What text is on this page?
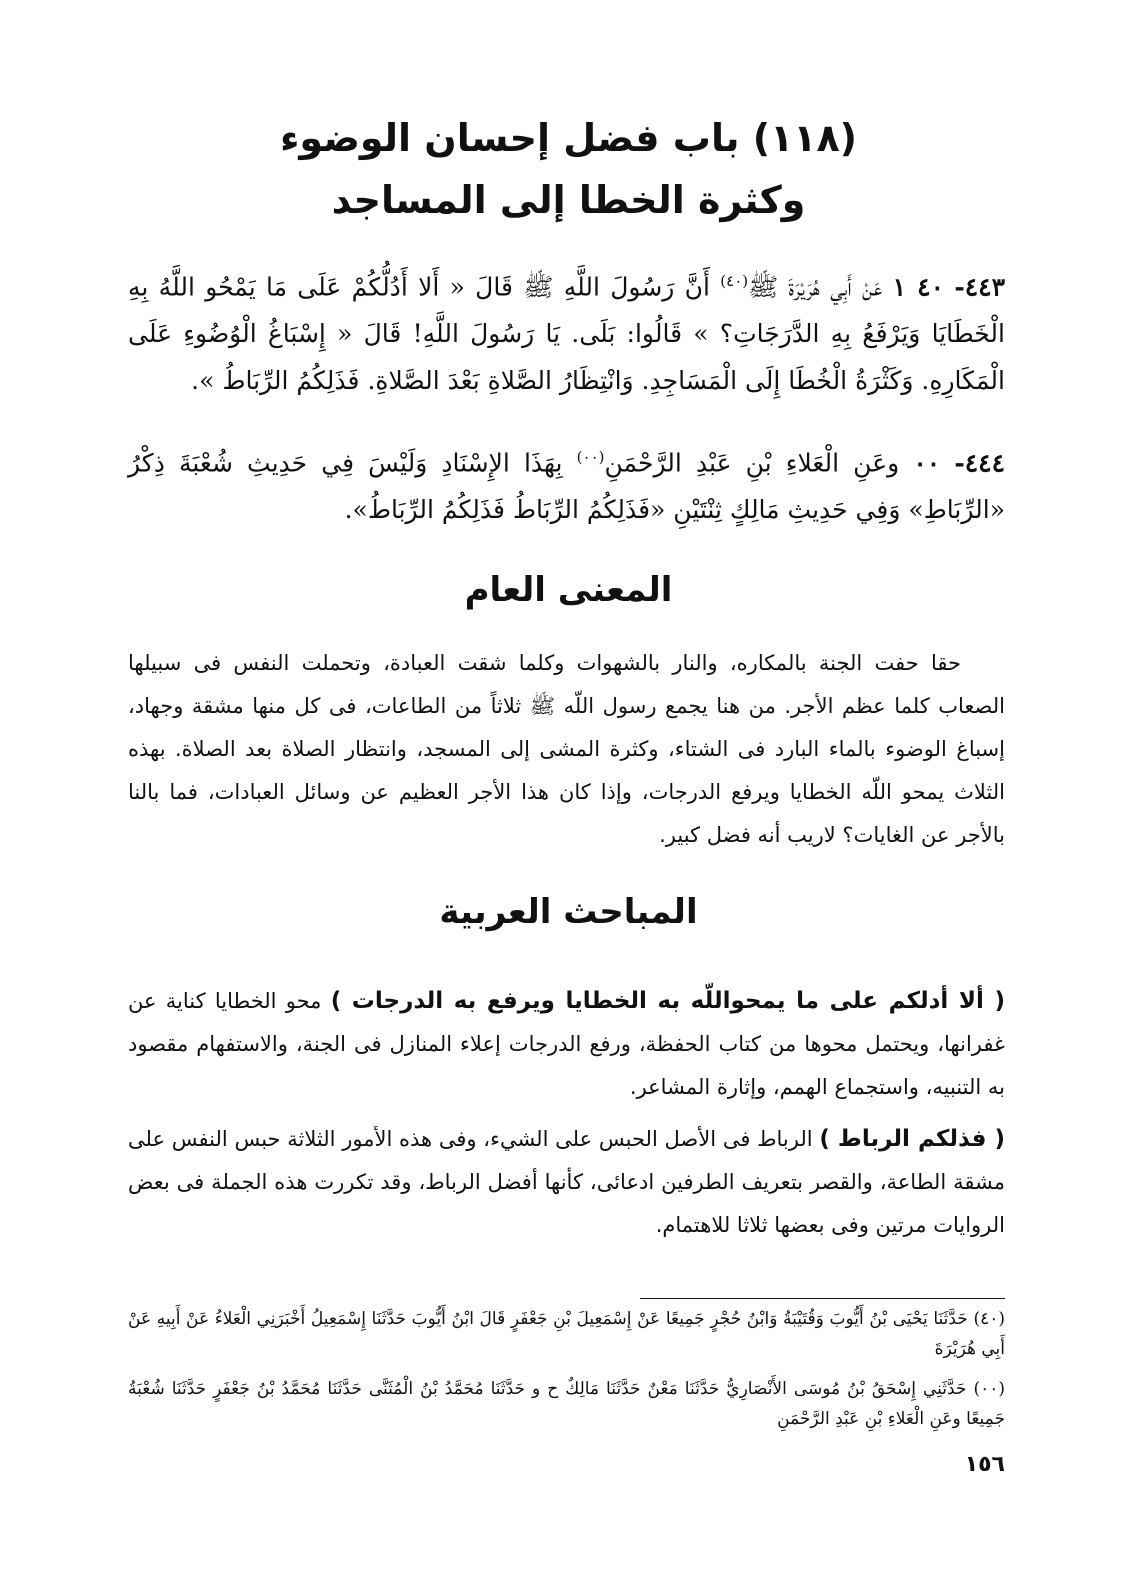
(١١٨) باب فضل إحسان الوضوء
وكثرة الخطا إلى المساجد

٤٤٣- ٤٠ ١ عَنْ أَبِي هُرَيْرَةَ ﷺ$^{(٤٠)}$ أَنَّ رَسُولَ اللَّهِ ﷺ قَالَ « أَلا أَدُلُّكُمْ عَلَى مَا يَمْحُو اللَّهُ بِهِ الْخَطَايَا وَيَرْفَعُ بِهِ الدَّرَجَاتِ؟ » قَالُوا: بَلَى. يَا رَسُولَ اللَّهِ! قَالَ « إِسْبَاغُ الْوُضُوءِ عَلَى الْمَكَارِهِ. وَكَثْرَةُ الْخُطَا إِلَى الْمَسَاجِدِ. وَانْتِظَارُ الصَّلاةِ بَعْدَ الصَّلاةِ. فَذَلِكُمُ الرِّبَاطُ ».

٤٤٤- ٠٠ وعَنِ الْعَلاءِ بْنِ عَبْدِ الرَّحْمَنِ$^{(٠٠)}$ بِهَذَا الإِسْنَادِ وَلَيْسَ فِي حَدِيثِ شُعْبَةَ ذِكْرُ «الرِّبَاطِ» وَفِي حَدِيثِ مَالِكٍ ثِنْتَيْنِ «فَذَلِكُمُ الرِّبَاطُ فَذَلِكُمُ الرِّبَاطُ».

المعنى العام

حقا حفت الجنة بالمكاره، والنار بالشهوات وكلما شقت العبادة، وتحملت النفس فى سبيلها الصعاب كلما عظم الأجر. من هنا يجمع رسول اللّه ﷺ ثلاثاً من الطاعات، فى كل منها مشقة وجهاد، إسباغ الوضوء بالماء البارد فى الشتاء، وكثرة المشى إلى المسجد، وانتظار الصلاة بعد الصلاة. بهذه الثلاث يمحو اللّه الخطايا ويرفع الدرجات، وإذا كان هذا الأجر العظيم عن وسائل العبادات، فما بالنا بالأجر عن الغايات؟ لاريب أنه فضل كبير.

المباحث العربية

( ألا أدلكم على ما يمحواللّه به الخطايا ويرفع به الدرجات ) محو الخطايا كناية عن غفرانها، ويحتمل محوها من كتاب الحفظة، ورفع الدرجات إعلاء المنازل فى الجنة، والاستفهام مقصود به التنبيه، واستجماع الهمم، وإثارة المشاعر.

( فذلكم الرباط ) الرباط فى الأصل الحبس على الشيء، وفى هذه الأمور الثلاثة حبس النفس على مشقة الطاعة، والقصر بتعريف الطرفين ادعائى، كأنها أفضل الرباط، وقد تكررت هذه الجملة فى بعض الروايات مرتين وفى بعضها ثلاثا للاهتمام.

(٤٠) حَدَّثَنَا يَحْيَى بْنُ أَيُّوبَ وَقُتَيْبَةُ وَابْنُ حُجْرٍ جَمِيعًا عَنْ إِسْمَعِيلَ بْنِ جَعْفَرٍ قَالَ ابْنُ أَيُّوبَ حَدَّثَنَا إِسْمَعِيلُ أَخْبَرَنِي الْعَلاءُ عَنْ أَبِيهِ عَنْ أَبِي هُرَيْرَةَ

(٠٠) حَدَّثَنِي إِسْحَقُ بْنُ مُوسَى الأَنْصَارِيُّ حَدَّثَنَا مَعْنٌ حَدَّثَنَا مَالِكٌ ح و حَدَّثَنَا مُحَمَّدُ بْنُ الْمُثَنَّى حَدَّثَنَا مُحَمَّدُ بْنُ جَعْفَرٍ حَدَّثَنَا شُعْبَةُ جَمِيعًا وعَنِ الْعَلاءِ بْنِ عَبْدِ الرَّحْمَنِ

١٥٦
